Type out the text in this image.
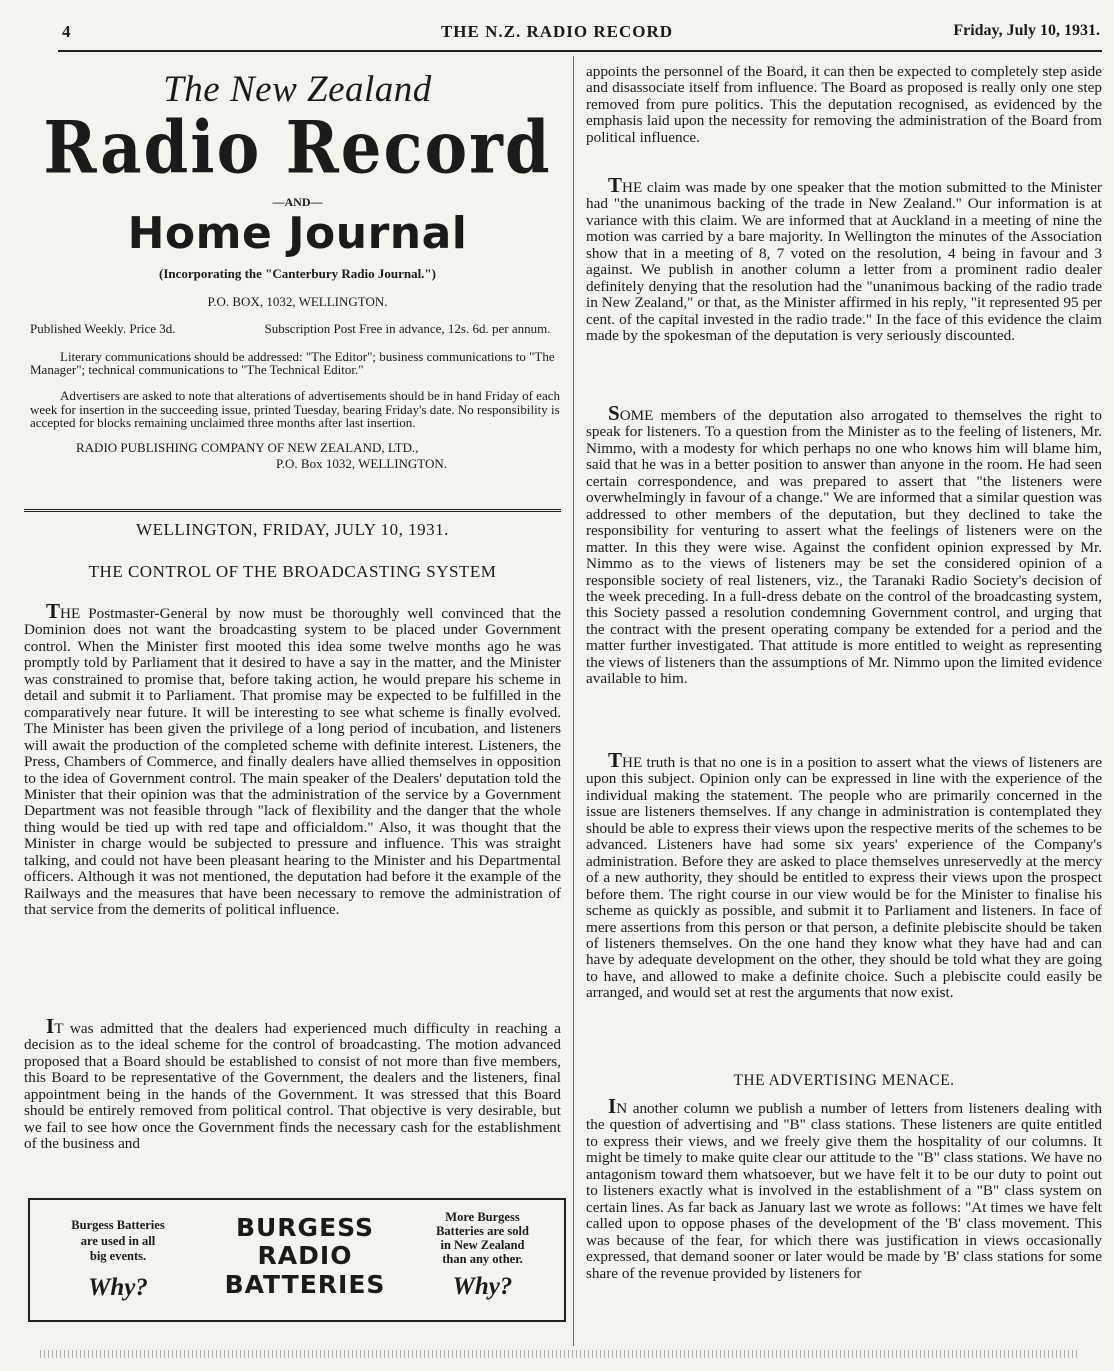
4	THE N.Z. RADIO RECORD	Friday, July 10, 1931.
The New Zealand
Radio Record
—AND—
Home Journal
(Incorporating the "Canterbury Radio Journal.")
P.O. BOX, 1032, WELLINGTON.
Published Weekly. Price 3d.	Subscription Post Free in advance, 12s. 6d. per annum.
Literary communications should be addressed: "The Editor"; business communications to "The Manager"; technical communications to "The Technical Editor."
Advertisers are asked to note that alterations of advertisements should be in hand Friday of each week for insertion in the succeeding issue, printed Tuesday, bearing Friday's date. No responsibility is accepted for blocks remaining unclaimed three months after last insertion.
RADIO PUBLISHING COMPANY OF NEW ZEALAND, LTD.,
P.O. Box 1032, WELLINGTON.
WELLINGTON, FRIDAY, JULY 10, 1931.
THE CONTROL OF THE BROADCASTING SYSTEM

THE Postmaster-General by now must be thoroughly well convinced that the Dominion does not want the broadcasting system to be placed under Government control. When the Minister first mooted this idea some twelve months ago he was promptly told by Parliament that it desired to have a say in the matter, and the Minister was constrained to promise that, before taking action, he would prepare his scheme in detail and submit it to Parliament. That promise may be expected to be fulfilled in the comparatively near future. It will be interesting to see what scheme is finally evolved. The Minister has been given the privilege of a long period of incubation, and listeners will await the production of the completed scheme with definite interest. Listeners, the Press, Chambers of Commerce, and finally dealers have allied themselves in opposition to the idea of Government control. The main speaker of the Dealers' deputation told the Minister that their opinion was that the administration of the service by a Government Department was not feasible through "lack of flexibility and the danger that the whole thing would be tied up with red tape and officialdom." Also, it was thought that the Minister in charge would be subjected to pressure and influence. This was straight talking, and could not have been pleasant hearing to the Minister and his Departmental officers. Although it was not mentioned, the deputation had before it the example of the Railways and the measures that have been necessary to remove the administration of that service from the demerits of political influence.

IT was admitted that the dealers had experienced much difficulty in reaching a decision as to the ideal scheme for the control of broadcasting. The motion advanced proposed that a Board should be established to consist of not more than five members, this Board to be representative of the Government, the dealers and the listeners, final appointment being in the hands of the Government. It was stressed that this Board should be entirely removed from political control. That objective is very desirable, but we fail to see how once the Government finds the necessary cash for the establishment of the business and

Burgess Batteries
are used in all
big events.
Why?
BURGESS
RADIO
BATTERIES
More Burgess
Batteries are sold
in New Zealand
than any other.
Why?

appoints the personnel of the Board, it can then be expected to completely step aside and disassociate itself from influence. The Board as proposed is really only one step removed from pure politics. This the deputation recognised, as evidenced by the emphasis laid upon the necessity for removing the administration of the Board from political influence.

THE claim was made by one speaker that the motion submitted to the Minister had "the unanimous backing of the trade in New Zealand." Our information is at variance with this claim. We are informed that at Auckland in a meeting of nine the motion was carried by a bare majority. In Wellington the minutes of the Association show that in a meeting of 8, 7 voted on the resolution, 4 being in favour and 3 against. We publish in another column a letter from a prominent radio dealer definitely denying that the resolution had the "unanimous backing of the radio trade in New Zealand," or that, as the Minister affirmed in his reply, "it represented 95 per cent. of the capital invested in the radio trade." In the face of this evidence the claim made by the spokesman of the deputation is very seriously discounted.

SOME members of the deputation also arrogated to themselves the right to speak for listeners. To a question from the Minister as to the feeling of listeners, Mr. Nimmo, with a modesty for which perhaps no one who knows him will blame him, said that he was in a better position to answer than anyone in the room. He had seen certain correspondence, and was prepared to assert that "the listeners were overwhelmingly in favour of a change." We are informed that a similar question was addressed to other members of the deputation, but they declined to take the responsibility for venturing to assert what the feelings of listeners were on the matter. In this they were wise. Against the confident opinion expressed by Mr. Nimmo as to the views of listeners may be set the considered opinion of a responsible society of real listeners, viz., the Taranaki Radio Society's decision of the week preceding. In a full-dress debate on the control of the broadcasting system, this Society passed a resolution condemning Government control, and urging that the contract with the present operating company be extended for a period and the matter further investigated. That attitude is more entitled to weight as representing the views of listeners than the assumptions of Mr. Nimmo upon the limited evidence available to him.

THE truth is that no one is in a position to assert what the views of listeners are upon this subject. Opinion only can be expressed in line with the experience of the individual making the statement. The people who are primarily concerned in the issue are listeners themselves. If any change in administration is contemplated they should be able to express their views upon the respective merits of the schemes to be advanced. Listeners have had some six years' experience of the Company's administration. Before they are asked to place themselves unreservedly at the mercy of a new authority, they should be entitled to express their views upon the prospect before them. The right course in our view would be for the Minister to finalise his scheme as quickly as possible, and submit it to Parliament and listeners. In face of mere assertions from this person or that person, a definite plebiscite should be taken of listeners themselves. On the one hand they know what they have had and can have by adequate development on the other, they should be told what they are going to have, and allowed to make a definite choice. Such a plebiscite could easily be arranged, and would set at rest the arguments that now exist.

THE ADVERTISING MENACE.

IN another column we publish a number of letters from listeners dealing with the question of advertising and "B" class stations. These listeners are quite entitled to express their views, and we freely give them the hospitality of our columns. It might be timely to make quite clear our attitude to the "B" class stations. We have no antagonism toward them whatsoever, but we have felt it to be our duty to point out to listeners exactly what is involved in the establishment of a "B" class system on certain lines. As far back as January last we wrote as follows: "At times we have felt called upon to oppose phases of the development of the 'B' class movement. This was because of the fear, for which there was justification in views occasionally expressed, that demand sooner or later would be made by 'B' class stations for some share of the revenue provided by listeners for
